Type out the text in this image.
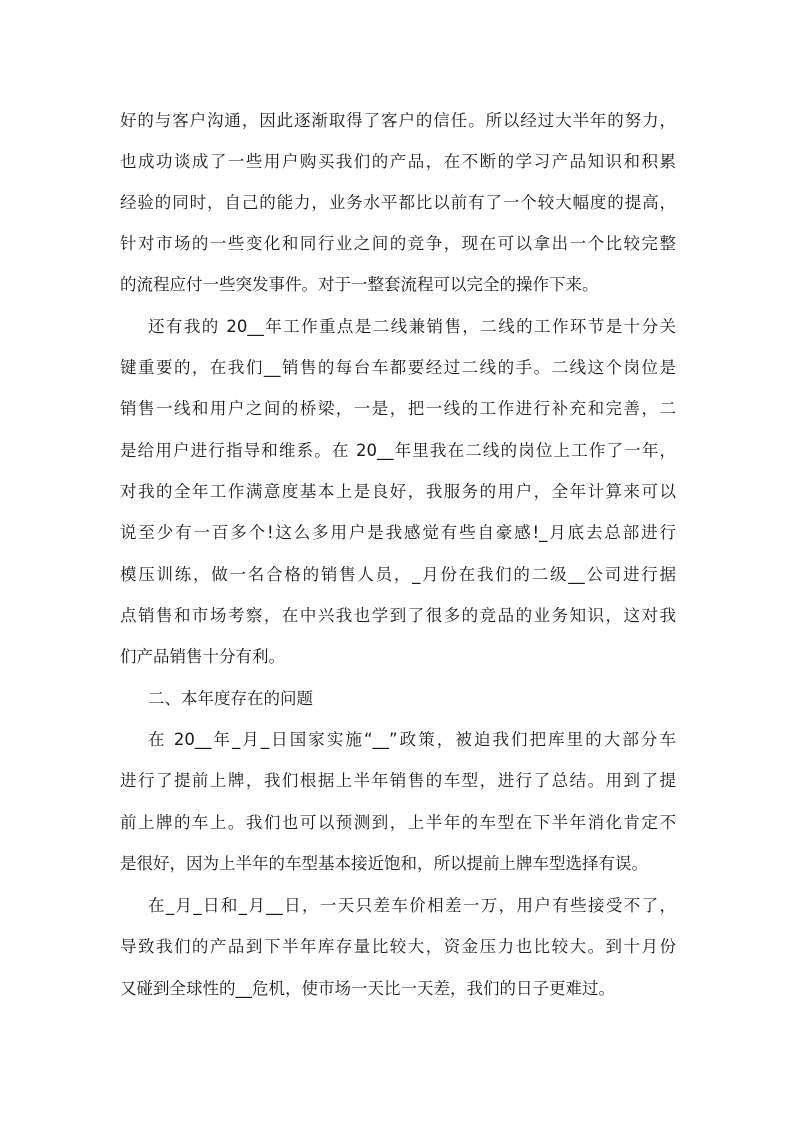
好的与客户沟通，因此逐渐取得了客户的信任。所以经过大半年的努力，
也成功谈成了一些用户购买我们的产品，在不断的学习产品知识和积累
经验的同时，自己的能力，业务水平都比以前有了一个较大幅度的提高，
针对市场的一些变化和同行业之间的竞争，现在可以拿出一个比较完整
的流程应付一些突发事件。对于一整套流程可以完全的操作下来。
还有我的 20__年工作重点是二线兼销售，二线的工作环节是十分关
键重要的，在我们__销售的每台车都要经过二线的手。二线这个岗位是
销售一线和用户之间的桥梁，一是，把一线的工作进行补充和完善，二
是给用户进行指导和维系。在 20__年里我在二线的岗位上工作了一年，
对我的全年工作满意度基本上是良好，我服务的用户，全年计算来可以
说至少有一百多个!这么多用户是我感觉有些自豪感!_月底去总部进行
模压训练，做一名合格的销售人员，_月份在我们的二级__公司进行据
点销售和市场考察，在中兴我也学到了很多的竞品的业务知识，这对我
们产品销售十分有利。
二、本年度存在的问题
在 20__年_月_日国家实施“__”政策，被迫我们把库里的大部分车
进行了提前上牌，我们根据上半年销售的车型，进行了总结。用到了提
前上牌的车上。我们也可以预测到，上半年的车型在下半年消化肯定不
是很好，因为上半年的车型基本接近饱和，所以提前上牌车型选择有误。
在_月_日和_月__日，一天只差车价相差一万，用户有些接受不了，
导致我们的产品到下半年库存量比较大，资金压力也比较大。到十月份
又碰到全球性的__危机，使市场一天比一天差，我们的日子更难过。
